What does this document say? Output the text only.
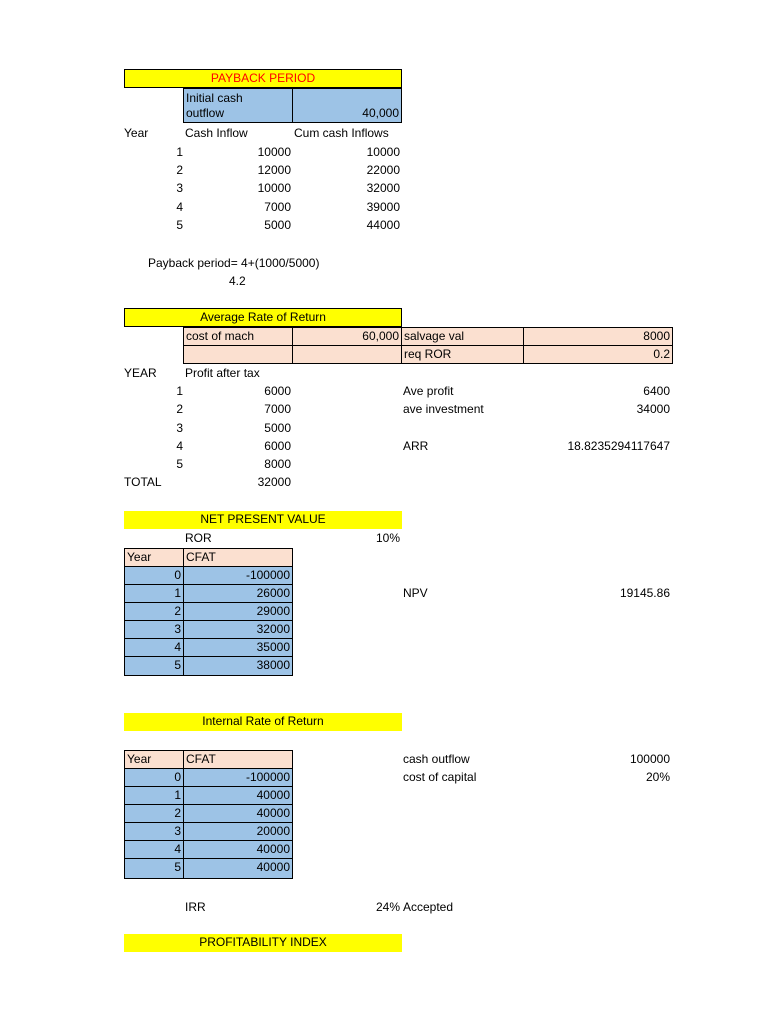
PAYBACK PERIOD
Initial cash
outflow	40,000
Year	Cash Inflow	Cum cash Inflows
1	10000	10000
2	12000	22000
3	10000	32000
4	7000	39000
5	5000	44000
Payback period= 4+(1000/5000)
4.2
Average Rate of Return
cost of mach	60,000 salvage val	8000
req ROR	0.2
YEAR Profit after tax
1	6000
2	7000
3	5000
4	6000
5	8000
TOTAL	32000
Ave profit	6400
ave investment	34000
ARR	18.8235294117647
NET PRESENT VALUE
ROR	10%
Year	CFAT
0	-100000
1	26000
2	29000
3	32000
4	35000
5	38000
NPV	19145.86
Internal Rate of Return
Year	CFAT
0	-100000
1	40000
2	40000
3	20000
4	40000
5	40000
cash outflow	100000
cost of capital	20%
IRR	24% Accepted
PROFITABILITY INDEX
